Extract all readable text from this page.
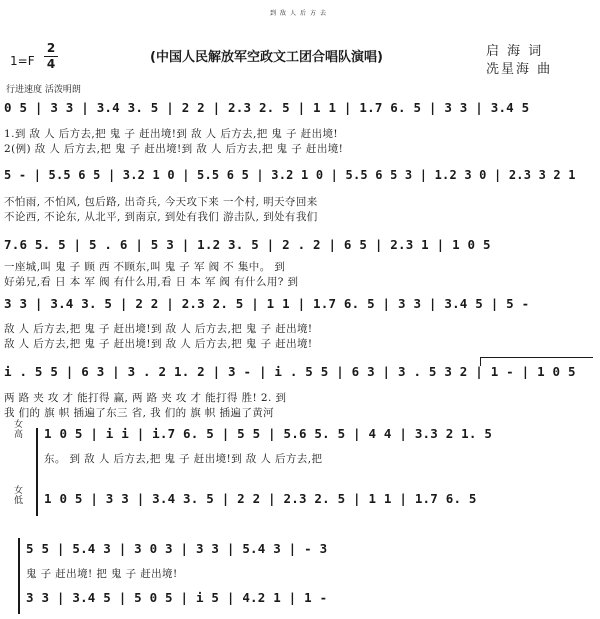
到敌人后方去
(中国人民解放军空政文工团合唱队演唱)	启 海 词
冼星海 曲
1=F
2
4
行进速度 活泼明朗
0 5 | 3 3 | 3.4 3. 5 | 2 2 | 2.3 2. 5 | 1 1 | 1.7 6. 5 | 3 3 | 3.4 5
1.到 敌 人 后方去,把 鬼 子 赶出境!到 敌 人 后方去,把 鬼 子 赶出境!
2(例) 敌 人 后方去,把 鬼 子 赶出境!到 敌 人 后方去,把 鬼 子 赶出境!
5 - | 5.5 6 5 | 3.2 1 0 | 5.5 6 5 | 3.2 1 0 | 5.5 6 5 3 | 1.2 3 0 | 2.3 3 2 1
不怕雨, 不怕风, 包后路, 出奇兵, 今天攻下来 一个村, 明天夺回来
不论西, 不论东, 从北平, 到南京, 到处有我们 游击队, 到处有我们
7.6 5. 5 | 5 . 6 | 5 3 | 1.2 3. 5 | 2 . 2 | 6 5 | 2.3 1 | 1 0 5
一座城,叫 鬼 子 顾 西 不顾东,叫 鬼 子 军 阀 不 集中。 到
好弟兄,看 日 本 军 阀 有什么用,看 日 本 军 阀 有什么用? 到
3 3 | 3.4 3. 5 | 2 2 | 2.3 2. 5 | 1 1 | 1.7 6. 5 | 3 3 | 3.4 5 | 5 -
敌 人 后方去,把 鬼 子 赶出境!到 敌 人 后方去,把 鬼 子 赶出境!
敌 人 后方去,把 鬼 子 赶出境!到 敌 人 后方去,把 鬼 子 赶出境!
i . 5 5 | 6 3 | 3 . 2 1. 2 | 3 - | i . 5 5 | 6 3 | 3 . 5 3 2 | 1 - | 1 0 5
两 路 夹 攻 才 能打得 赢, 两 路 夹 攻 才 能打得 胜! 2. 到
我 们的 旗 帜 插遍了东三 省, 我 们的 旗 帜 插遍了黄河
女高 1 0 5 | i i | i.7 6. 5 | 5 5 | 5.6 5. 5 | 4 4 | 3.3 2 1. 5
东。 到 敌 人 后方去,把 鬼 子 赶出境!到 敌 人 后方去,把
女低 1 0 5 | 3 3 | 3.4 3. 5 | 2 2 | 2.3 2. 5 | 1 1 | 1.7 6. 5
5 5 | 5.4 3 | 3 0 3 | 3 3 | 5.4 3 | - 3
鬼 子 赶出境! 把 鬼 子 赶出境!
3 3 | 3.4 5 | 5 0 5 | i 5 | 4.2 1 | 1 -
